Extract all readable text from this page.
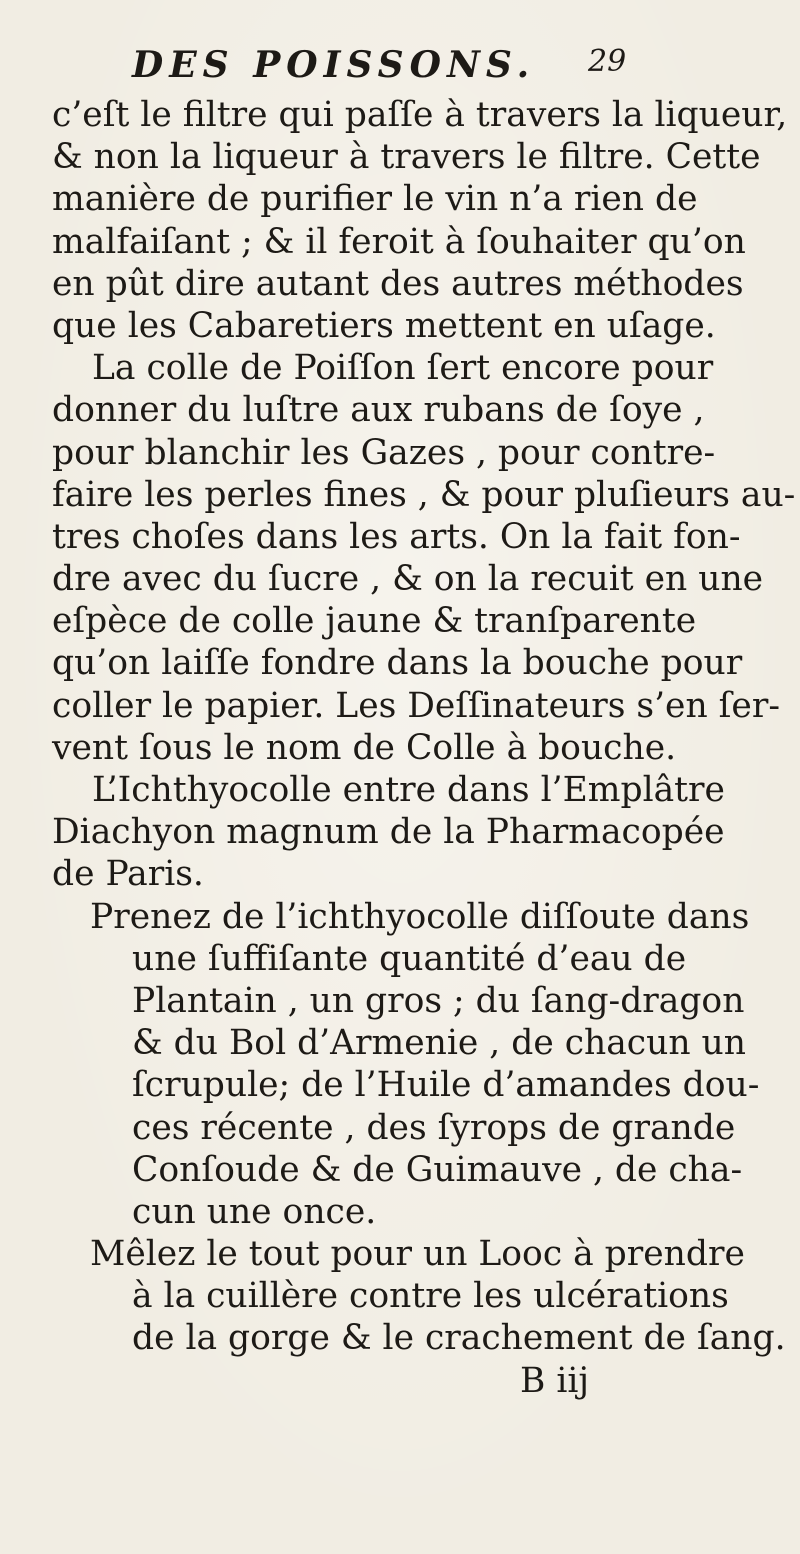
DES POISSONS. 29
c’eſt le filtre qui paſſe à travers la liqueur,
& non la liqueur à travers le filtre. Cette
manière de purifier le vin n’a rien de
malfaiſant ; & il feroit à ſouhaiter qu’on
en pût dire autant des autres méthodes
que les Cabaretiers mettent en uſage.
La colle de Poiſſon ſert encore pour
donner du luſtre aux rubans de ſoye ,
pour blanchir les Gazes , pour contre-
faire les perles fines , & pour pluſieurs au-
tres choſes dans les arts. On la fait fon-
dre avec du ſucre , & on la recuit en une
eſpèce de colle jaune & tranſparente
qu’on laiſſe fondre dans la bouche pour
coller le papier. Les Deſſinateurs s’en ſer-
vent ſous le nom de Colle à bouche.
L’Ichthyocolle entre dans l’Emplâtre
Diachyon magnum de la Pharmacopée
de Paris.
Prenez de l’ichthyocolle diſſoute dans
une ſuffiſante quantité d’eau de
Plantain , un gros ; du ſang-dragon
& du Bol d’Armenie , de chacun un
ſcrupule; de l’Huile d’amandes dou-
ces récente , des ſyrops de grande
Conſoude & de Guimauve , de cha-
cun une once.
Mêlez le tout pour un Looc à prendre
à la cuillère contre les ulcérations
de la gorge & le crachement de ſang.
B iij
